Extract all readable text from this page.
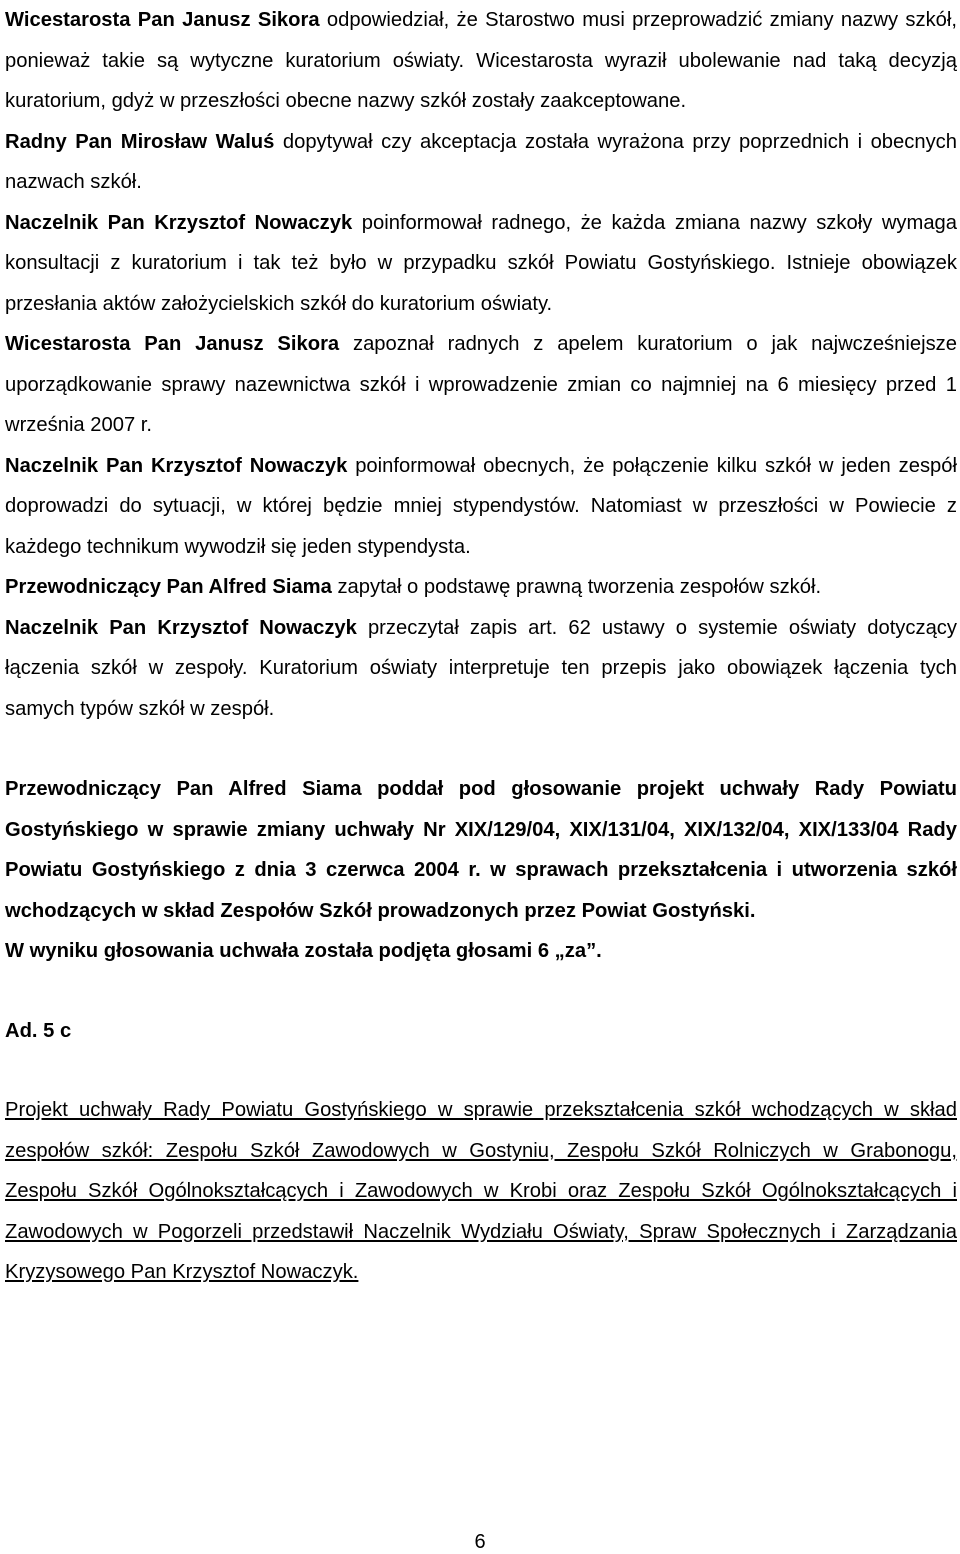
Wicestarosta Pan Janusz Sikora odpowiedział, że Starostwo musi przeprowadzić zmiany nazwy szkół, ponieważ takie są wytyczne kuratorium oświaty. Wicestarosta wyraził ubolewanie nad taką decyzją kuratorium, gdyż w przeszłości obecne nazwy szkół zostały zaakceptowane.

Radny Pan Mirosław Waluś dopytywał czy akceptacja została wyrażona przy poprzednich i obecnych nazwach szkół.

Naczelnik Pan Krzysztof Nowaczyk poinformował radnego, że każda zmiana nazwy szkoły wymaga konsultacji z kuratorium i tak też było w przypadku szkół Powiatu Gostyńskiego. Istnieje obowiązek przesłania aktów założycielskich szkół do kuratorium oświaty.

Wicestarosta Pan Janusz Sikora zapoznał radnych z apelem kuratorium o jak najwcześniejsze uporządkowanie sprawy nazewnictwa szkół i wprowadzenie zmian co najmniej na 6 miesięcy przed 1 września 2007 r.

Naczelnik Pan Krzysztof Nowaczyk poinformował obecnych, że połączenie kilku szkół w jeden zespół doprowadzi do sytuacji, w której będzie mniej stypendystów. Natomiast w przeszłości w Powiecie z każdego technikum wywodził się jeden stypendysta.

Przewodniczący Pan Alfred Siama zapytał o podstawę prawną tworzenia zespołów szkół.

Naczelnik Pan Krzysztof Nowaczyk przeczytał zapis art. 62 ustawy o systemie oświaty dotyczący łączenia szkół w zespoły. Kuratorium oświaty interpretuje ten przepis jako obowiązek łączenia tych samych typów szkół w zespół.

Przewodniczący Pan Alfred Siama poddał pod głosowanie projekt uchwały Rady Powiatu Gostyńskiego w sprawie zmiany uchwały Nr XIX/129/04, XIX/131/04, XIX/132/04, XIX/133/04 Rady Powiatu Gostyńskiego z dnia 3 czerwca 2004 r. w sprawach przekształcenia i utworzenia szkół wchodzących w skład Zespołów Szkół prowadzonych przez Powiat Gostyński.

W wyniku głosowania uchwała została podjęta głosami 6 „za”.

Ad. 5 c

Projekt uchwały Rady Powiatu Gostyńskiego w sprawie przekształcenia szkół wchodzących w skład zespołów szkół: Zespołu Szkół Zawodowych w Gostyniu, Zespołu Szkół Rolniczych w Grabonogu, Zespołu Szkół Ogólnokształcących i Zawodowych w Krobi oraz Zespołu Szkół Ogólnokształcących i Zawodowych w Pogorzeli przedstawił Naczelnik Wydziału Oświaty, Spraw Społecznych i Zarządzania Kryzysowego Pan Krzysztof Nowaczyk.

6
